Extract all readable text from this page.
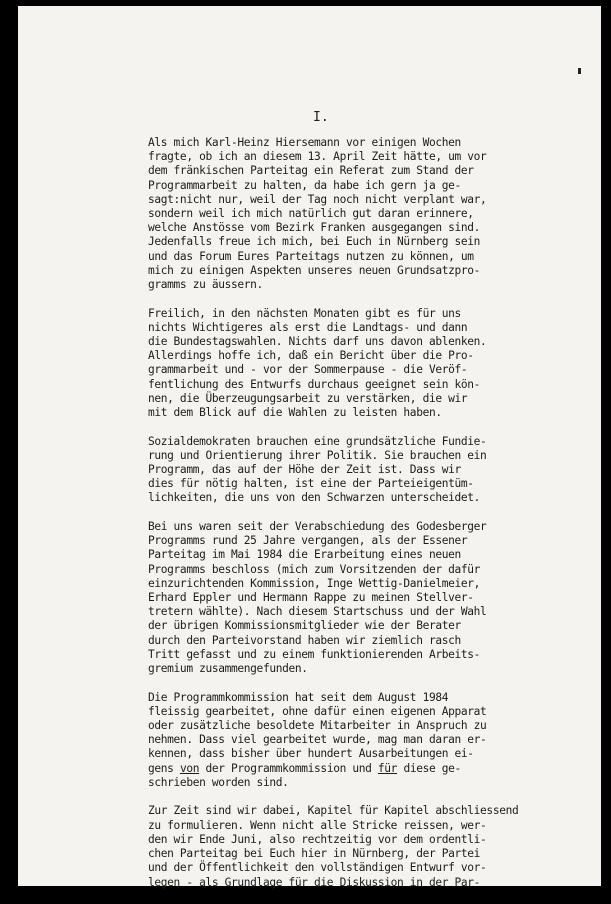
I.
Als mich Karl-Heinz Hiersemann vor einigen Wochen
fragte, ob ich an diesem 13. April Zeit hätte, um vor
dem fränkischen Parteitag ein Referat zum Stand der
Programmarbeit zu halten, da habe ich gern ja ge-
sagt:nicht nur, weil der Tag noch nicht verplant war,
sondern weil ich mich natürlich gut daran erinnere,
welche Anstösse vom Bezirk Franken ausgegangen sind.
Jedenfalls freue ich mich, bei Euch in Nürnberg sein
und das Forum Eures Parteitags nutzen zu können, um
mich zu einigen Aspekten unseres neuen Grundsatzpro-
gramms zu äussern.
Freilich, in den nächsten Monaten gibt es für uns
nichts Wichtigeres als erst die Landtags- und dann
die Bundestagswahlen. Nichts darf uns davon ablenken.
Allerdings hoffe ich, daß ein Bericht über die Pro-
grammarbeit und - vor der Sommerpause - die Veröf-
fentlichung des Entwurfs durchaus geeignet sein kön-
nen, die Überzeugungsarbeit zu verstärken, die wir
mit dem Blick auf die Wahlen zu leisten haben.
Sozialdemokraten brauchen eine grundsätzliche Fundie-
rung und Orientierung ihrer Politik. Sie brauchen ein
Programm, das auf der Höhe der Zeit ist. Dass wir
dies für nötig halten, ist eine der Parteieigentüm-
lichkeiten, die uns von den Schwarzen unterscheidet.
Bei uns waren seit der Verabschiedung des Godesberger
Programms rund 25 Jahre vergangen, als der Essener
Parteitag im Mai 1984 die Erarbeitung eines neuen
Programms beschloss (mich zum Vorsitzenden der dafür
einzurichtenden Kommission, Inge Wettig-Danielmeier,
Erhard Eppler und Hermann Rappe zu meinen Stellver-
tretern wählte). Nach diesem Startschuss und der Wahl
der übrigen Kommissionsmitglieder wie der Berater
durch den Parteivorstand haben wir ziemlich rasch
Tritt gefasst und zu einem funktionierenden Arbeits-
gremium zusammengefunden.
Die Programmkommission hat seit dem August 1984
fleissig gearbeitet, ohne dafür einen eigenen Apparat
oder zusätzliche besoldete Mitarbeiter in Anspruch zu
nehmen. Dass viel gearbeitet wurde, mag man daran er-
kennen, dass bisher über hundert Ausarbeitungen ei-
gens von der Programmkommission und für diese ge-
schrieben worden sind.
Zur Zeit sind wir dabei, Kapitel für Kapitel abschliessend
zu formulieren. Wenn nicht alle Stricke reissen, wer-
den wir Ende Juni, also rechtzeitig vor dem ordentli-
chen Parteitag bei Euch hier in Nürnberg, der Partei
und der Öffentlichkeit den vollständigen Entwurf vor-
legen - als Grundlage für die Diskussion in der Par-
